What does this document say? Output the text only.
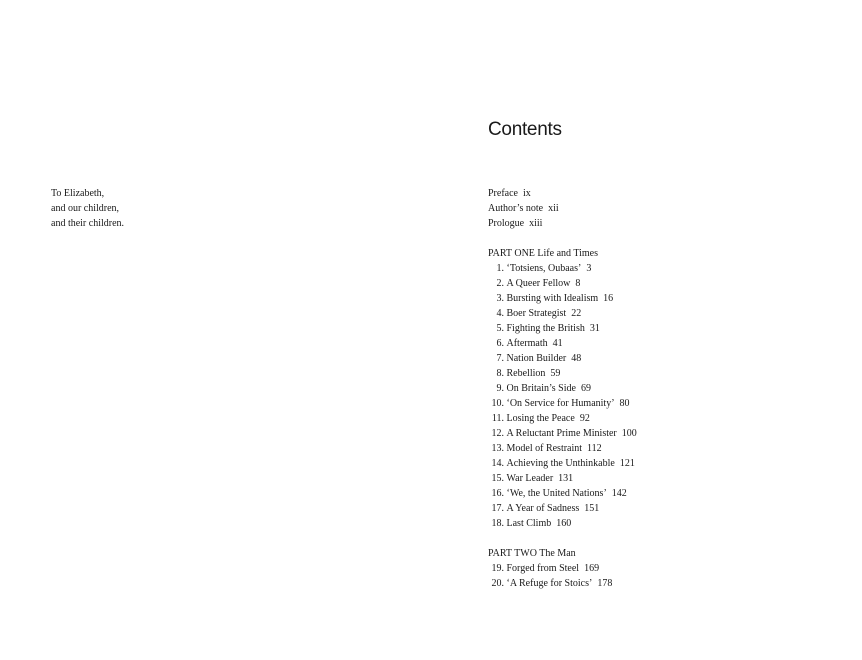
To Elizabeth,
and our children,
and their children.
Contents
Preface ix
Author’s note xii
Prologue xiii
PART ONE Life and Times
1. ‘Totsiens, Oubaas’ 3
2. A Queer Fellow 8
3. Bursting with Idealism 16
4. Boer Strategist 22
5. Fighting the British 31
6. Aftermath 41
7. Nation Builder 48
8. Rebellion 59
9. On Britain’s Side 69
10. ‘On Service for Humanity’ 80
11. Losing the Peace 92
12. A Reluctant Prime Minister 100
13. Model of Restraint 112
14. Achieving the Unthinkable 121
15. War Leader 131
16. ‘We, the United Nations’ 142
17. A Year of Sadness 151
18. Last Climb 160
PART TWO The Man
19. Forged from Steel 169
20. ‘A Refuge for Stoics’ 178
